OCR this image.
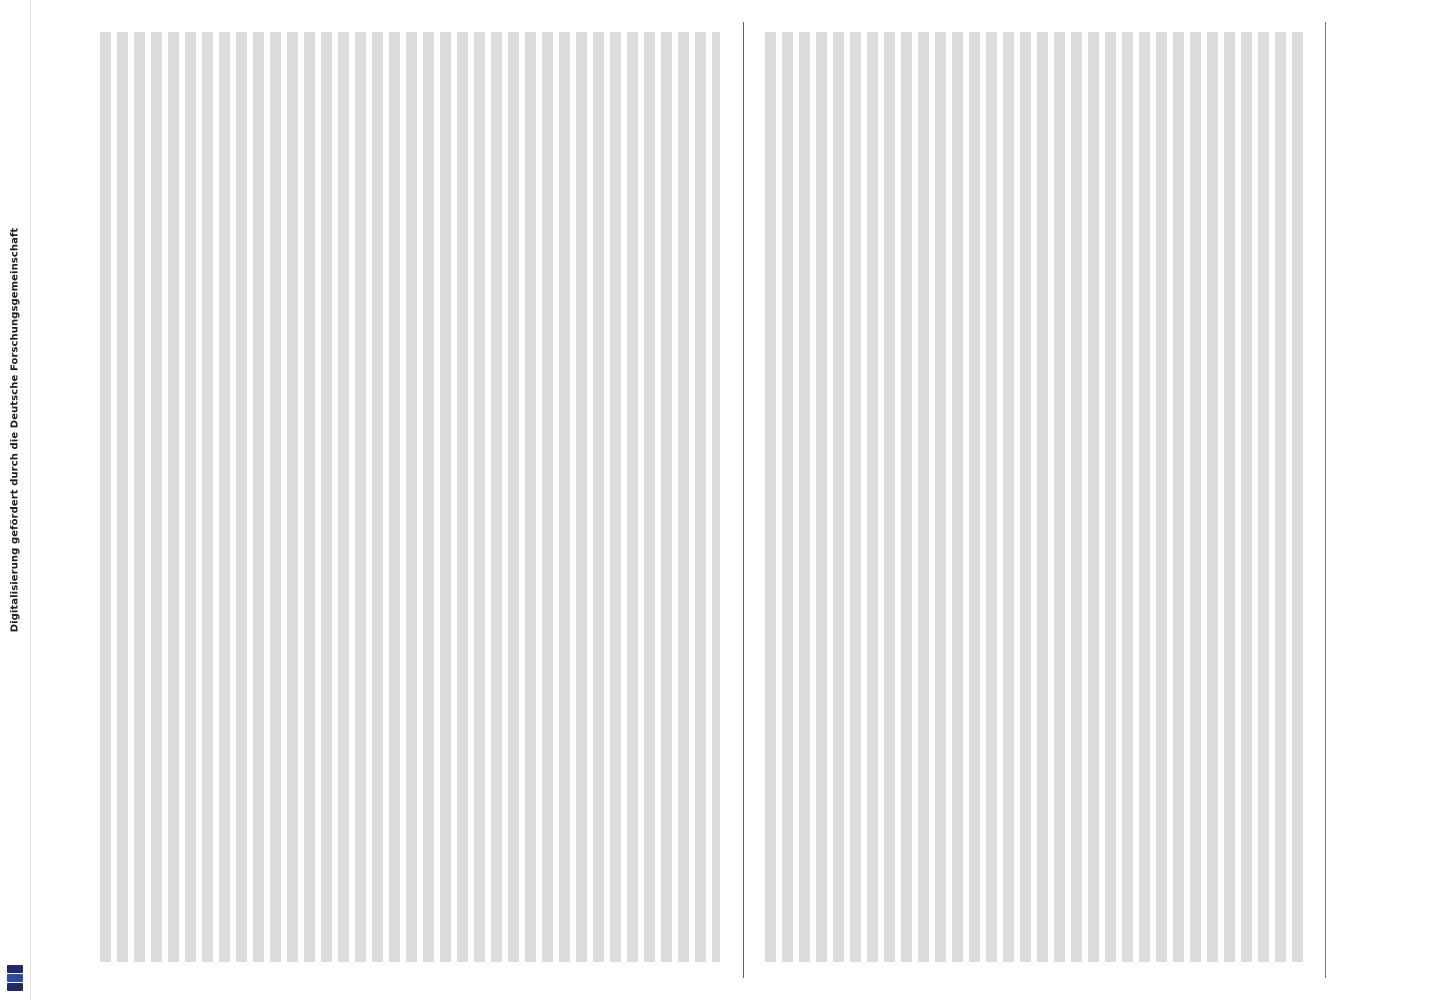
Digitalisierung gefördert durch die Deutsche Forschungsgemeinschaft
